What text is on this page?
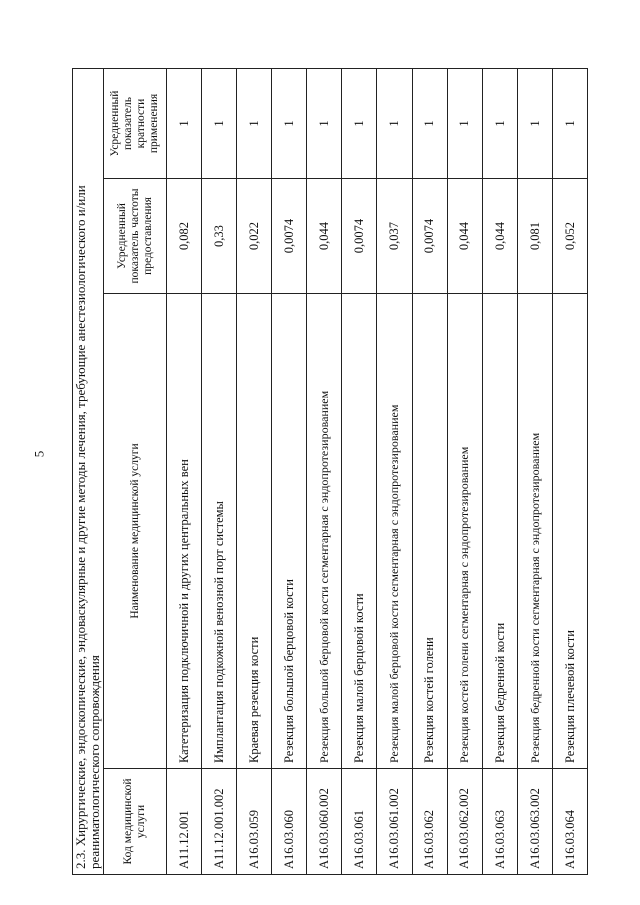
5 2.3. Хирургические, эндоскопические, эндоваскулярные и другие методы лечения, требующие анестезиологического и/или реаниматологического сопровождения			
Код медицинской услуги	Наименование медицинской услуги	Усредненный показатель частоты предоставления	Усредненный показатель кратности применения
A11.12.001	Катетеризация подключичной и других центральных вен	0,082	1
A11.12.001.002	Имплантация подкожной венозной порт системы	0,33	1
A16.03.059	Краевая резекция кости	0,022	1
A16.03.060	Резекция большой берцовой кости	0,0074	1
A16.03.060.002	Резекция большой берцовой кости сегментарная с эндопротезированием	0,044	1
A16.03.061	Резекция малой берцовой кости	0,0074	1
A16.03.061.002	Резекция малой берцовой кости сегментарная с эндопротезированием	0,037	1
A16.03.062	Резекция костей голени	0,0074	1
A16.03.062.002	Резекция костей голени сегментарная с эндопротезированием	0,044	1
A16.03.063	Резекция бедренной кости	0,044	1
A16.03.063.002	Резекция бедренной кости сегментарная с эндопротезированием	0,081	1
A16.03.064	Резекция плечевой кости	0,052	1
